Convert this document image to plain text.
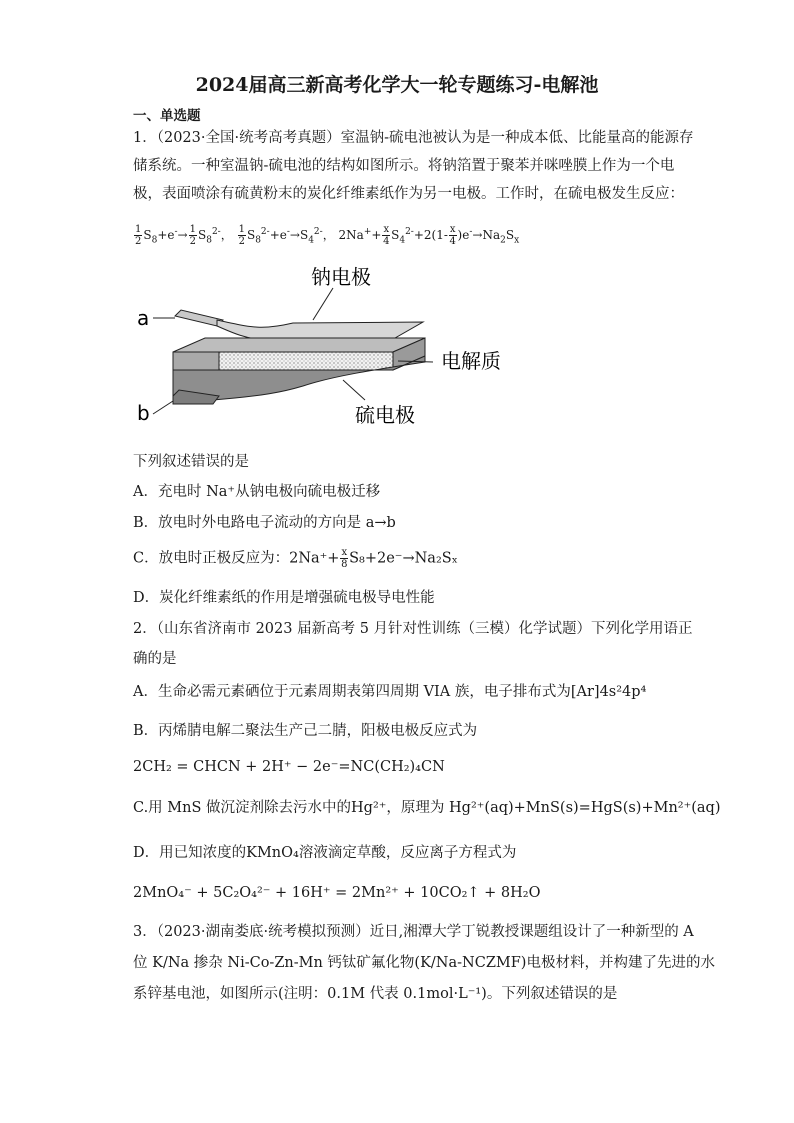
2024届高三新高考化学大一轮专题练习-电解池
一、单选题
1．（2023·全国·统考高考真题）室温钠-硫电池被认为是一种成本低、比能量高的能源存
储系统。一种室温钠-硫电池的结构如图所示。将钠箔置于聚苯并咪唑膜上作为一个电
极，表面喷涂有硫黄粉末的炭化纤维素纸作为另一电极。工作时，在硫电极发生反应：
$\frac{1}{2} S_8+e^-\to \frac{1}{2} S_8^{2-}$， $\frac{1}{2} S_8^{2-}+e^-\to S_4^{2-}$， $2Na^++ \frac{x}{4} S_4^{2-}+2(1- \frac{x}{4} )e^-\to Na_2S_x$
钠电极
电解质
硫电极
a
b
下列叙述错误的是
A．充电时 Na⁺从钠电极向硫电极迁移
B．放电时外电路电子流动的方向是 a→b
C．放电时正极反应为：$2Na^++ \frac{x}{8} S_8+2e^-\to Na_2S_x$
D．炭化纤维素纸的作用是增强硫电极导电性能
2．（山东省济南市 2023 届新高考 5 月针对性训练（三模）化学试题）下列化学用语正
确的是
A．生命必需元素硒位于元素周期表第四周期 VIA 族，电子排布式为[Ar]4s²4p⁴
B．丙烯腈电解二聚法生产己二腈，阳极电极反应式为
2CH₂ = CHCN + 2H⁺ − 2e⁻=NC(CH₂)₄CN
C.用 MnS 做沉淀剂除去污水中的Hg²⁺，原理为 Hg²⁺(aq)+MnS(s)=HgS(s)+Mn²⁺(aq)
D．用已知浓度的KMnO₄溶液滴定草酸，反应离子方程式为
2MnO₄⁻ + 5C₂O₄²⁻ + 16H⁺ = 2Mn²⁺ + 10CO₂↑ + 8H₂O
3．（2023·湖南娄底·统考模拟预测）近日,湘潭大学丁锐教授课题组设计了一种新型的 A
位 K/Na 掺杂 Ni-Co-Zn-Mn 钙钛矿氟化物(K/Na-NCZMF)电极材料，并构建了先进的水
系锌基电池，如图所示(注明：0.1M 代表 0.1mol·L⁻¹)。下列叙述错误的是
